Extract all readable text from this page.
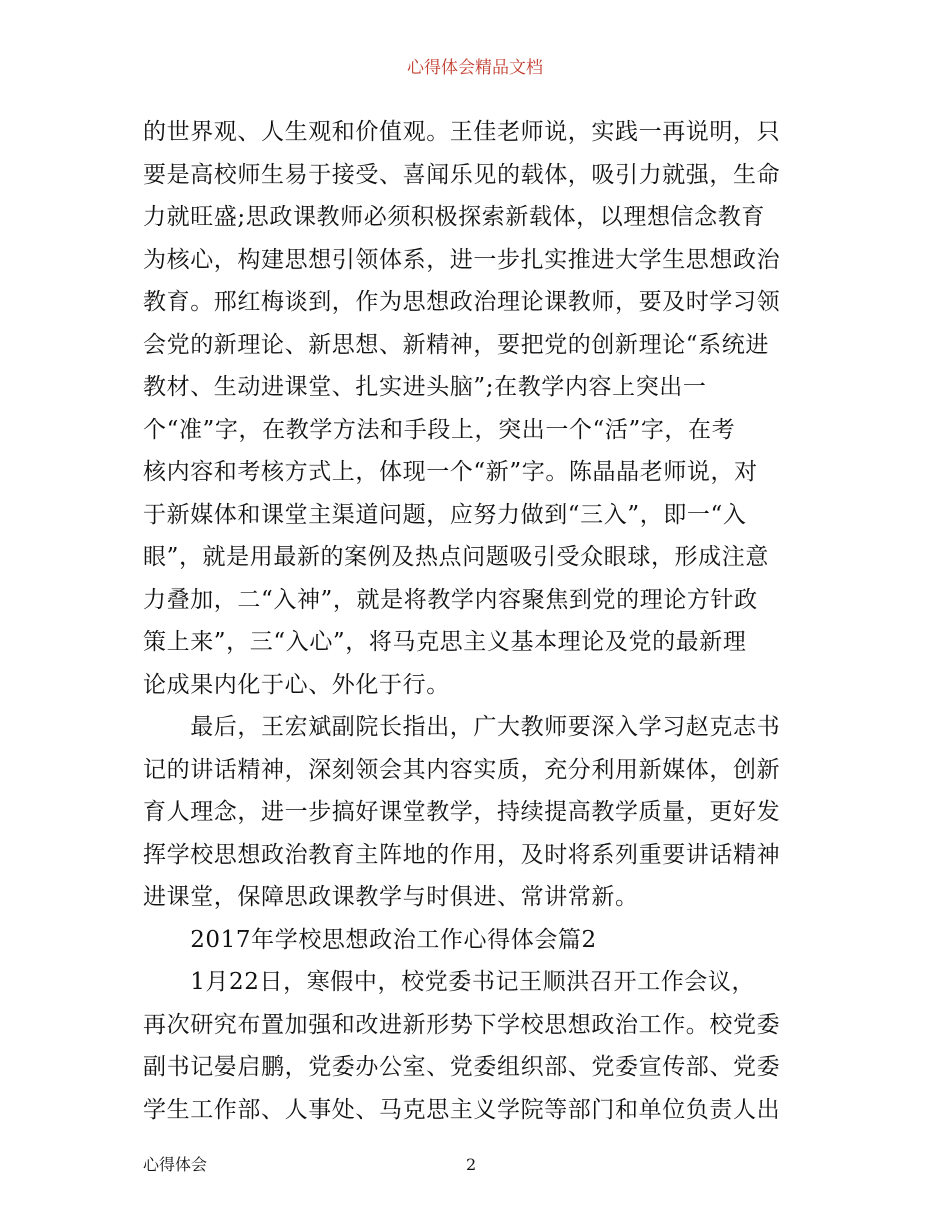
心得体会精品文档
的世界观、人生观和价值观。王佳老师说，实践一再说明，只
要是高校师生易于接受、喜闻乐见的载体，吸引力就强，生命
力就旺盛;思政课教师必须积极探索新载体，以理想信念教育
为核心，构建思想引领体系，进一步扎实推进大学生思想政治
教育。邢红梅谈到，作为思想政治理论课教师，要及时学习领
会党的新理论、新思想、新精神，要把党的创新理论“系统进
教材、生动进课堂、扎实进头脑”;在教学内容上突出一
个“准”字，在教学方法和手段上，突出一个“活”字，在考
核内容和考核方式上，体现一个“新”字。陈晶晶老师说，对
于新媒体和课堂主渠道问题，应努力做到“三入”，即一“入
眼”，就是用最新的案例及热点问题吸引受众眼球，形成注意
力叠加，二“入神”，就是将教学内容聚焦到党的理论方针政
策上来”，三“入心”，将马克思主义基本理论及党的最新理
论成果内化于心、外化于行。
　　最后，王宏斌副院长指出，广大教师要深入学习赵克志书
记的讲话精神，深刻领会其内容实质，充分利用新媒体，创新
育人理念，进一步搞好课堂教学，持续提高教学质量，更好发
挥学校思想政治教育主阵地的作用，及时将系列重要讲话精神
进课堂，保障思政课教学与时俱进、常讲常新。
　　2017年学校思想政治工作心得体会篇2
　　1月22日，寒假中，校党委书记王顺洪召开工作会议，
再次研究布置加强和改进新形势下学校思想政治工作。校党委
副书记晏启鹏，党委办公室、党委组织部、党委宣传部、党委
学生工作部、人事处、马克思主义学院等部门和单位负责人出
心得体会	2
